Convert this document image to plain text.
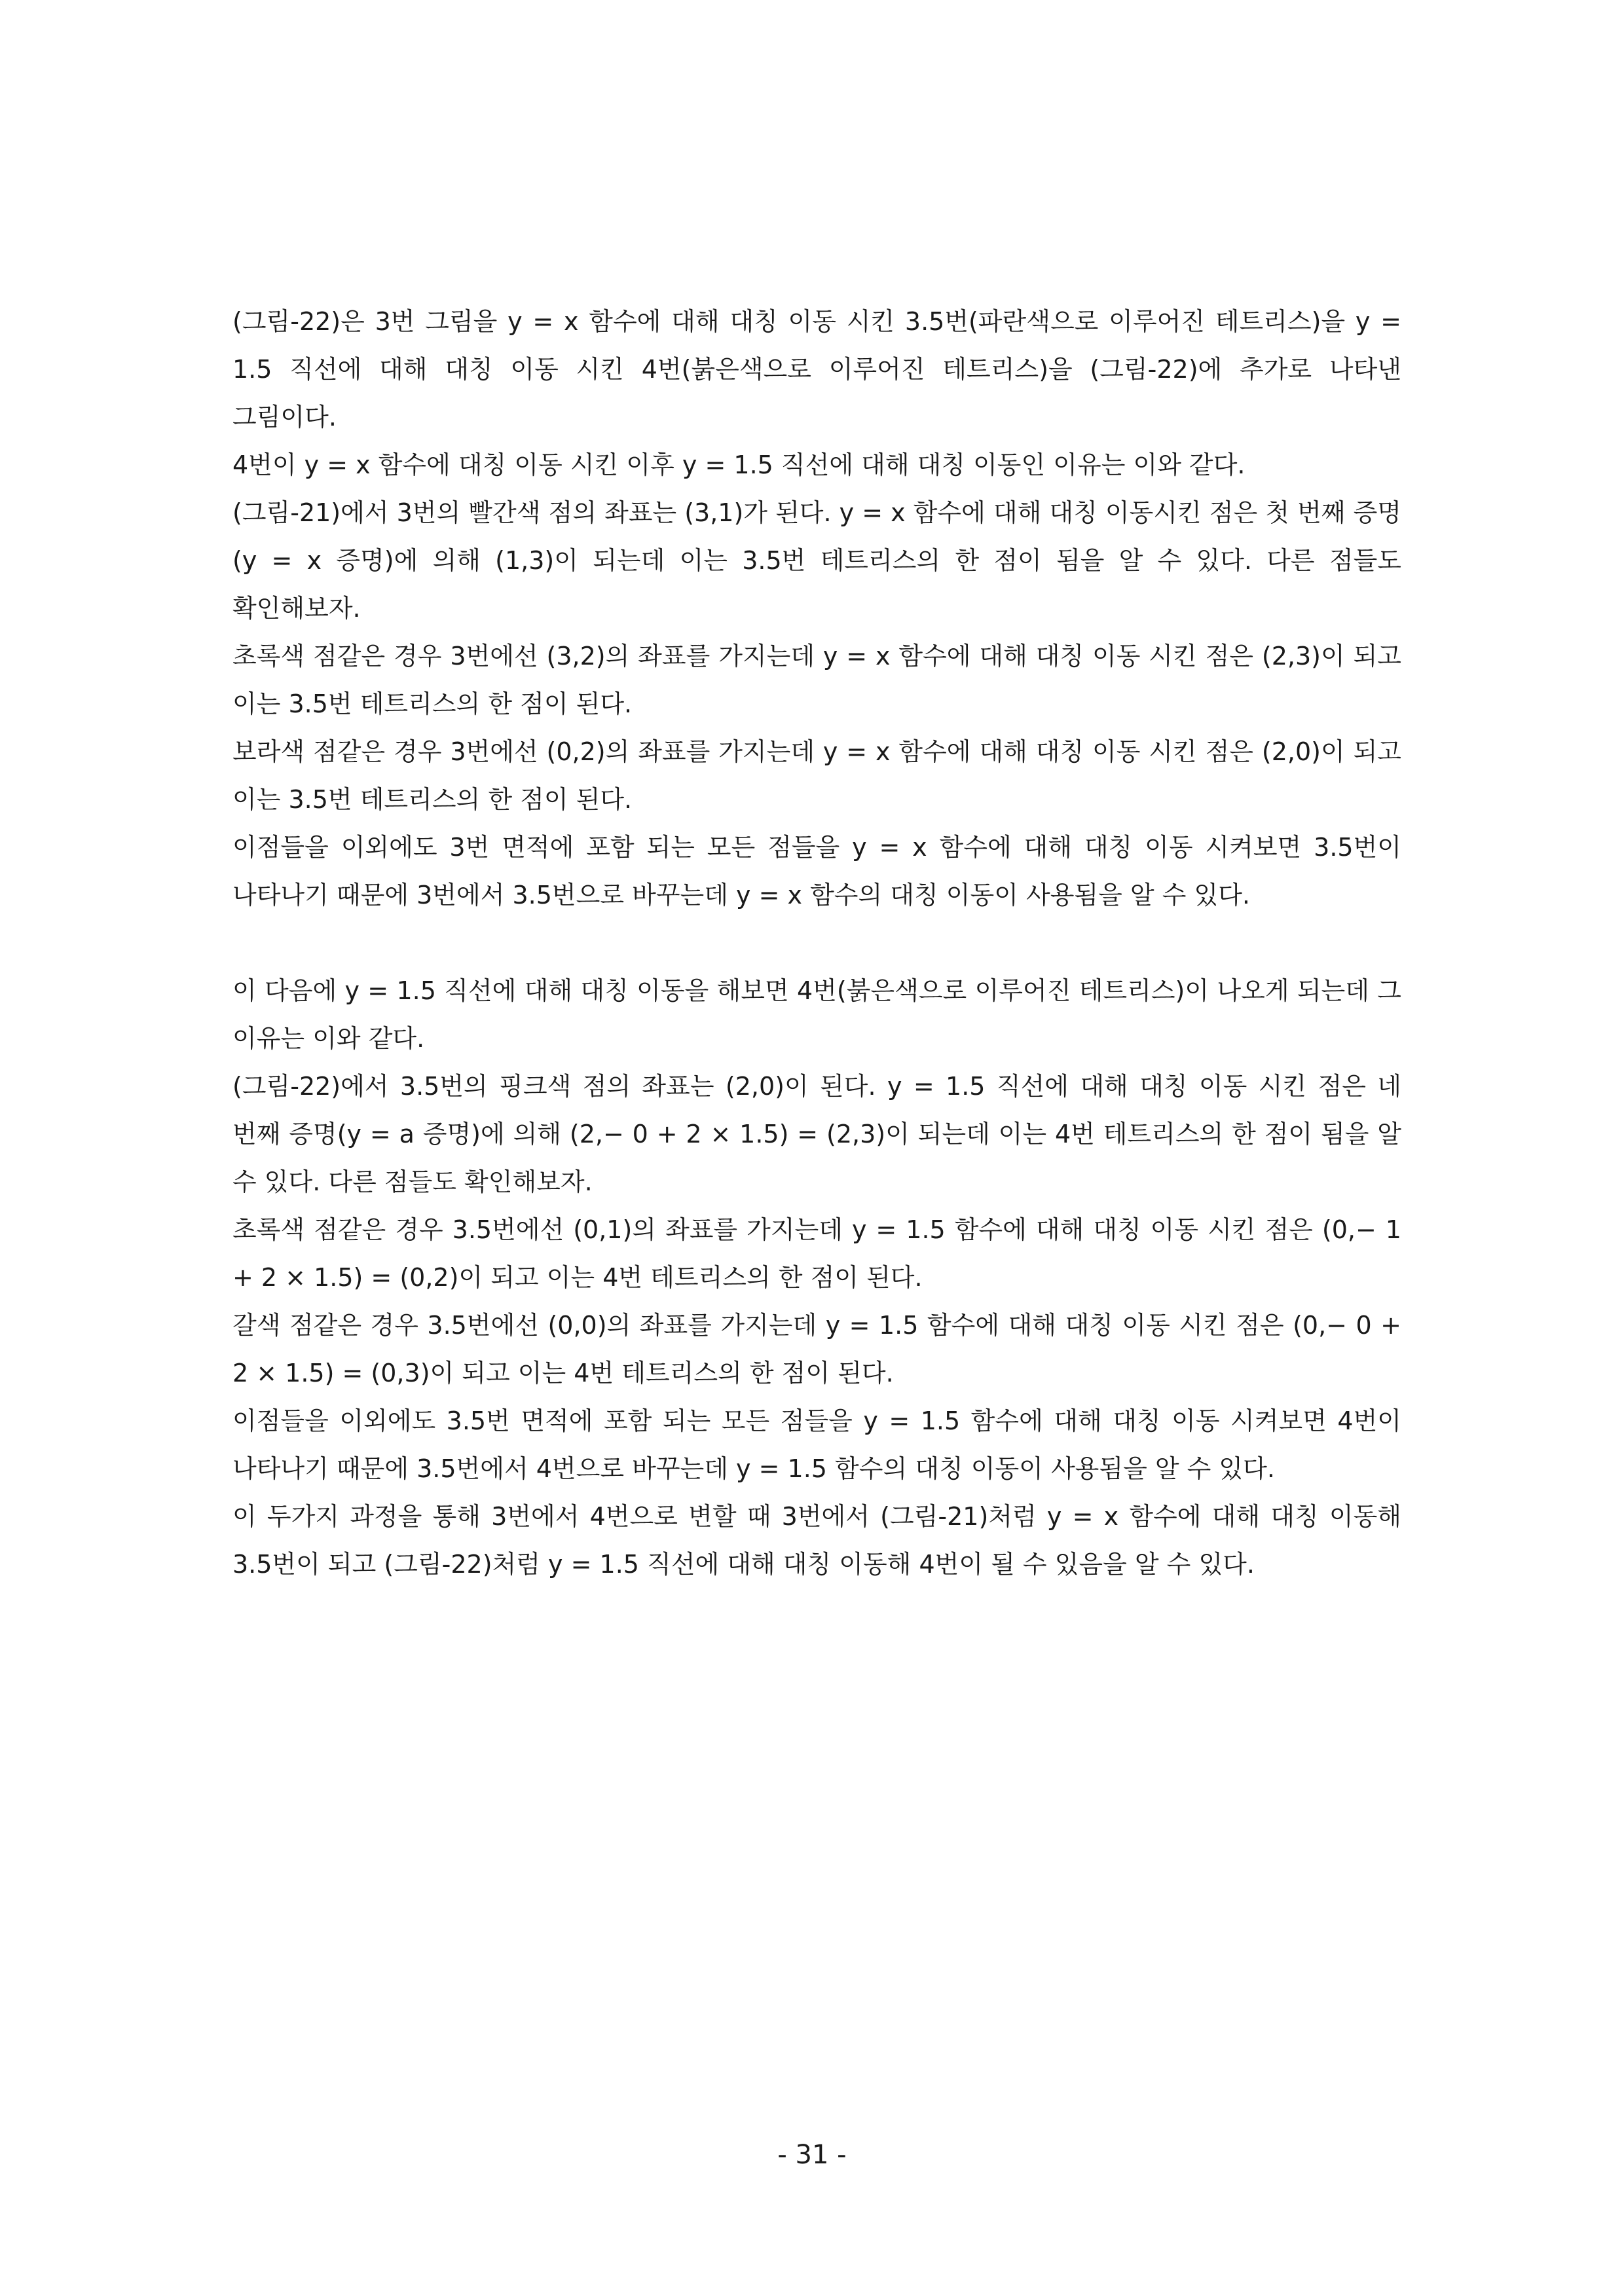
(그림-22)은 3번 그림을 y = x 함수에 대해 대칭 이동 시킨 3.5번(파란색으로 이루어진 테트리스)을 y = 1.5 직선에 대해 대칭 이동 시킨 4번(붉은색으로 이루어진 테트리스)을 (그림-22)에 추가로 나타낸 그림이다.

4번이 y = x 함수에 대칭 이동 시킨 이후 y = 1.5 직선에 대해 대칭 이동인 이유는 이와 같다.

(그림-21)에서 3번의 빨간색 점의 좌표는 (3,1)가 된다. y = x 함수에 대해 대칭 이동시킨 점은 첫 번째 증명(y = x 증명)에 의해 (1,3)이 되는데 이는 3.5번 테트리스의 한 점이 됨을 알 수 있다. 다른 점들도 확인해보자.

초록색 점같은 경우 3번에선 (3,2)의 좌표를 가지는데 y = x 함수에 대해 대칭 이동 시킨 점은 (2,3)이 되고 이는 3.5번 테트리스의 한 점이 된다.

보라색 점같은 경우 3번에선 (0,2)의 좌표를 가지는데 y = x 함수에 대해 대칭 이동 시킨 점은 (2,0)이 되고 이는 3.5번 테트리스의 한 점이 된다.

이점들을 이외에도 3번 면적에 포함 되는 모든 점들을 y = x 함수에 대해 대칭 이동 시켜보면 3.5번이 나타나기 때문에 3번에서 3.5번으로 바꾸는데 y = x 함수의 대칭 이동이 사용됨을 알 수 있다.

이 다음에 y = 1.5 직선에 대해 대칭 이동을 해보면 4번(붉은색으로 이루어진 테트리스)이 나오게 되는데 그 이유는 이와 같다.

(그림-22)에서 3.5번의 핑크색 점의 좌표는 (2,0)이 된다. y = 1.5 직선에 대해 대칭 이동 시킨 점은 네 번째 증명(y = a 증명)에 의해 (2,− 0 + 2 × 1.5) = (2,3)이 되는데 이는 4번 테트리스의 한 점이 됨을 알 수 있다. 다른 점들도 확인해보자.

초록색 점같은 경우 3.5번에선 (0,1)의 좌표를 가지는데 y = 1.5 함수에 대해 대칭 이동 시킨 점은 (0,− 1 + 2 × 1.5) = (0,2)이 되고 이는 4번 테트리스의 한 점이 된다.

갈색 점같은 경우 3.5번에선 (0,0)의 좌표를 가지는데 y = 1.5 함수에 대해 대칭 이동 시킨 점은 (0,− 0 + 2 × 1.5) = (0,3)이 되고 이는 4번 테트리스의 한 점이 된다.

이점들을 이외에도 3.5번 면적에 포함 되는 모든 점들을 y = 1.5 함수에 대해 대칭 이동 시켜보면 4번이 나타나기 때문에 3.5번에서 4번으로 바꾸는데 y = 1.5 함수의 대칭 이동이 사용됨을 알 수 있다.

이 두가지 과정을 통해 3번에서 4번으로 변할 때 3번에서 (그림-21)처럼 y = x 함수에 대해 대칭 이동해 3.5번이 되고 (그림-22)처럼 y = 1.5 직선에 대해 대칭 이동해 4번이 될 수 있음을 알 수 있다.

- 31 -
